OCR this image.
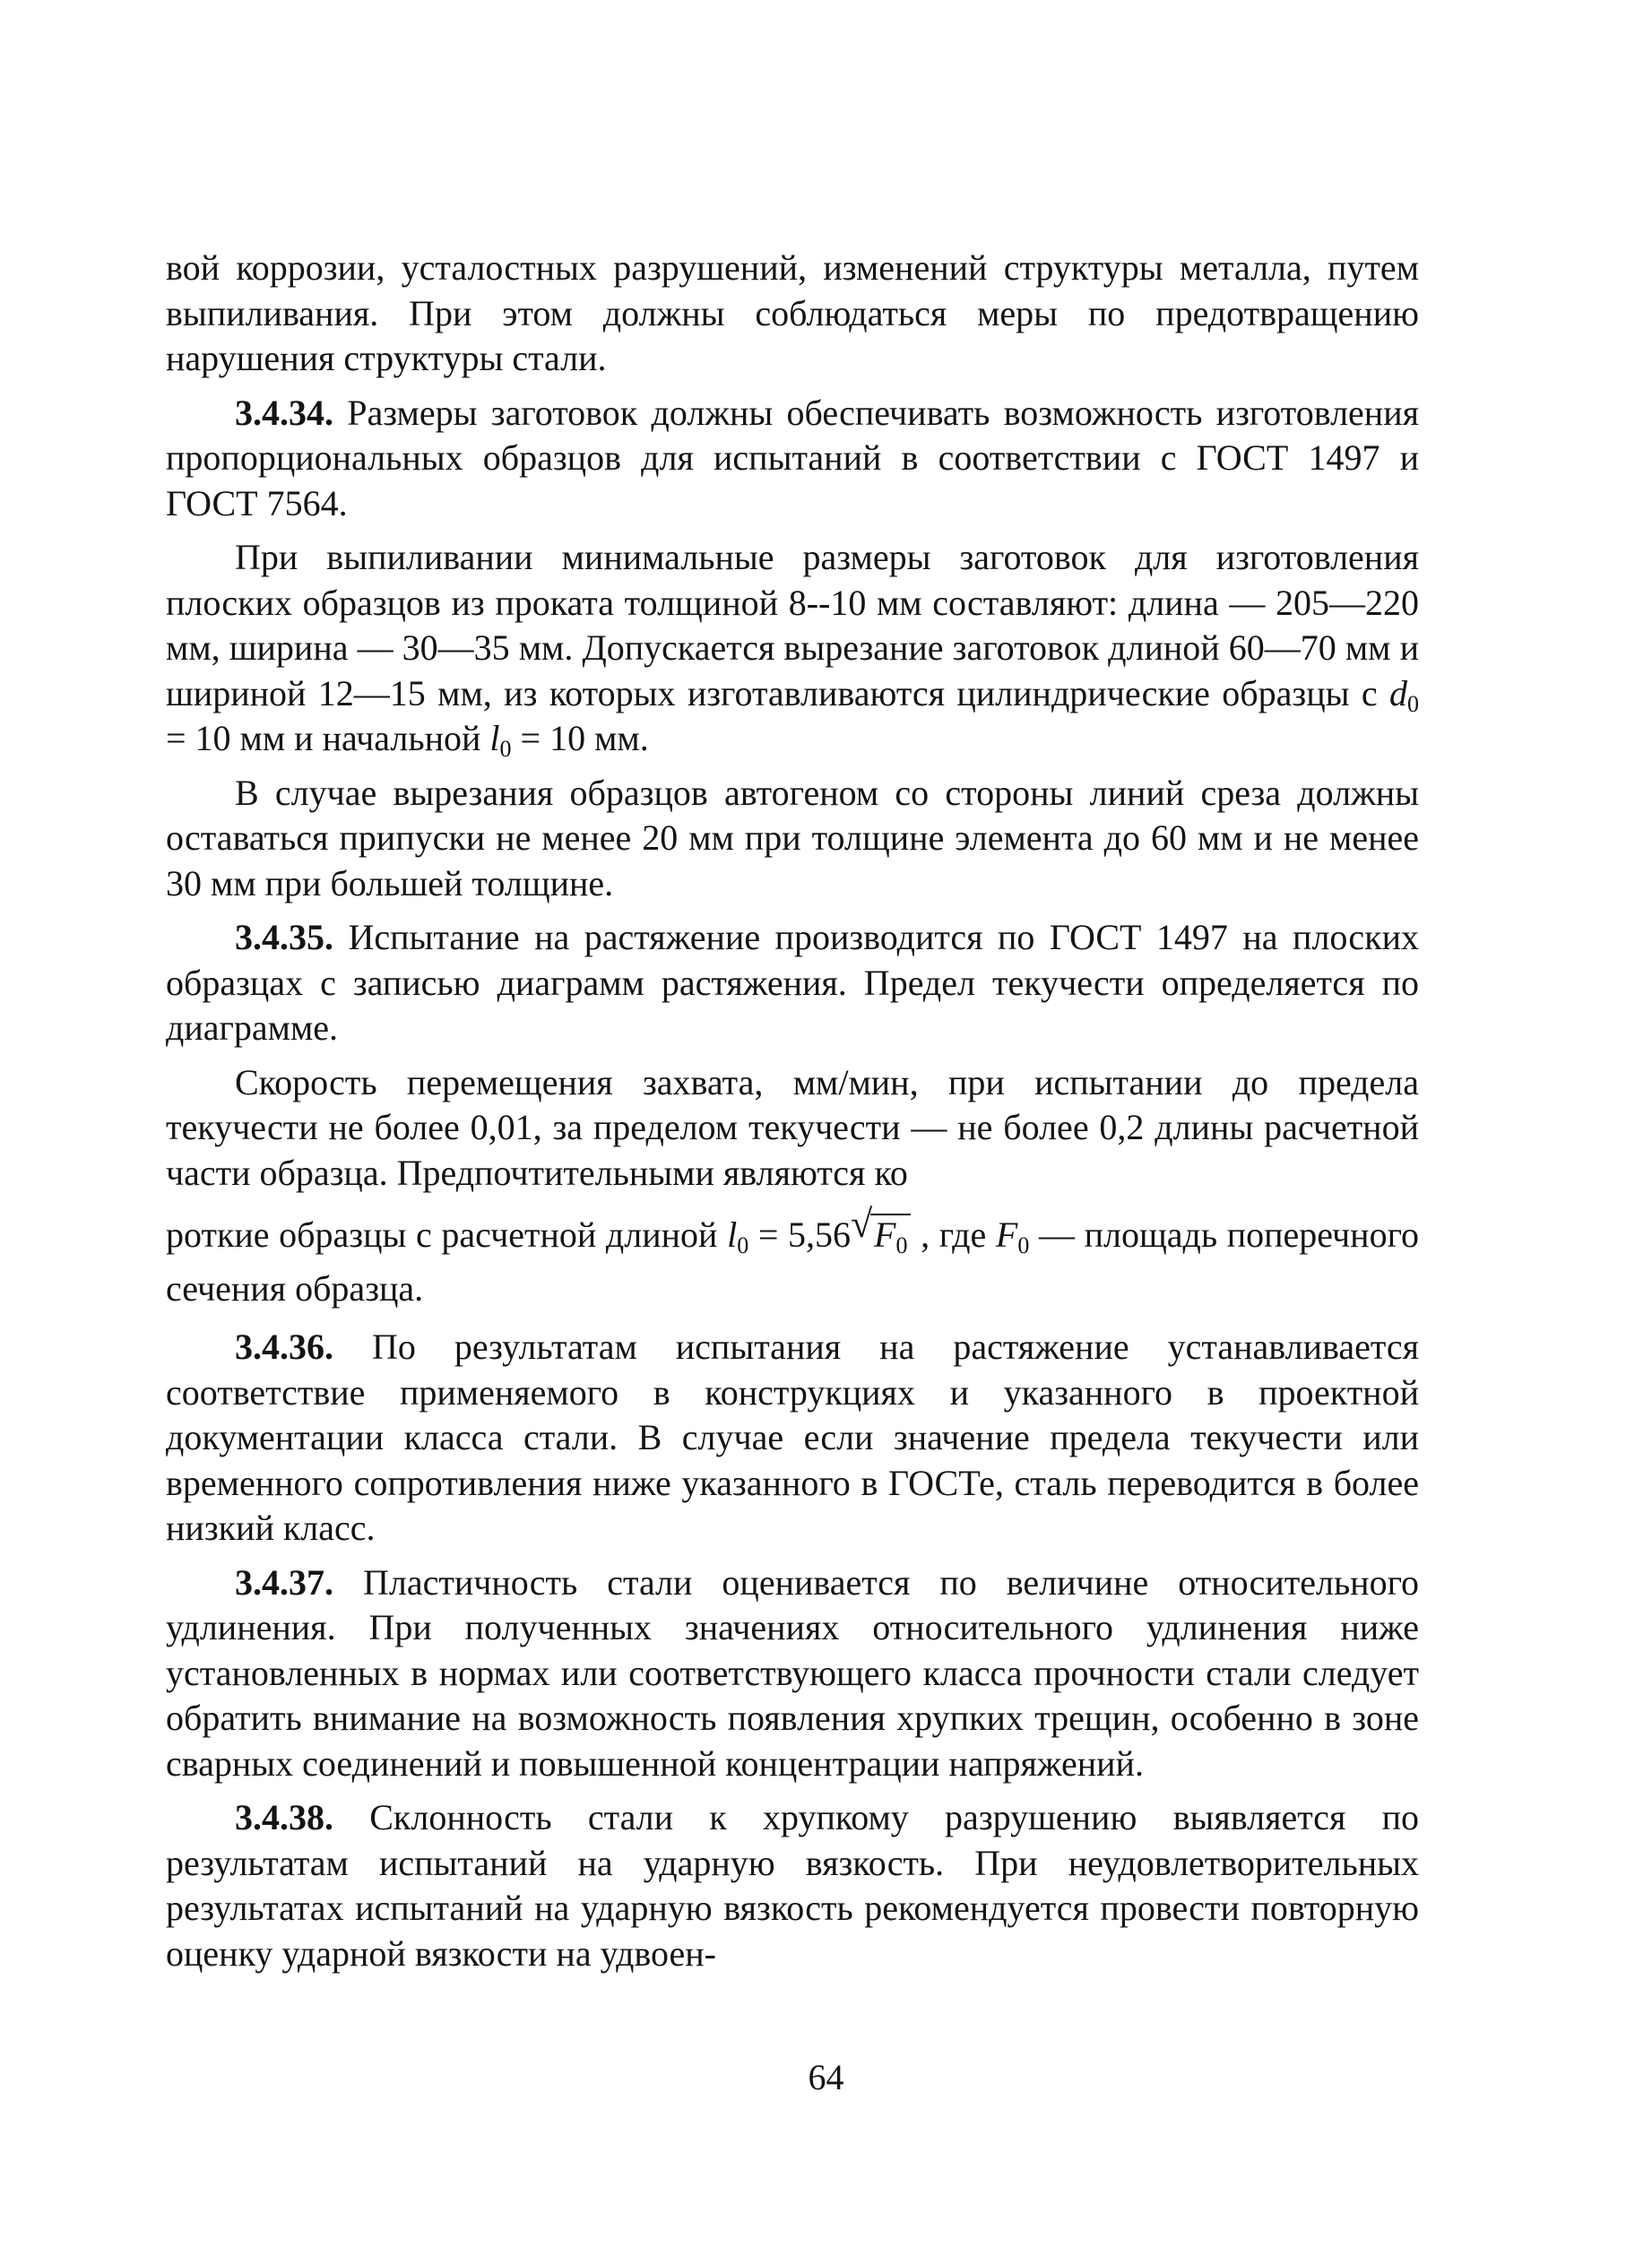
вой коррозии, усталостных разрушений, изменений структуры металла, путем выпиливания. При этом должны соблюдаться меры по предотвращению нарушения структуры стали.

3.4.34. Размеры заготовок должны обеспечивать возможность изготовления пропорциональных образцов для испытаний в соответствии с ГОСТ 1497 и ГОСТ 7564.

При выпиливании минимальные размеры заготовок для изготовления плоских образцов из проката толщиной 8--10 мм составляют: длина — 205—220 мм, ширина — 30—35 мм. Допускается вырезание заготовок длиной 60—70 мм и шириной 12—15 мм, из которых изготавливаются цилиндрические образцы с $d_0 = 10$ мм и начальной $l_0 = 10$ мм.

В случае вырезания образцов автогеном со стороны линий среза должны оставаться припуски не менее 20 мм при толщине элемента до 60 мм и не менее 30 мм при большей толщине.

3.4.35. Испытание на растяжение производится по ГОСТ 1497 на плоских образцах с записью диаграмм растяжения. Предел текучести определяется по диаграмме.

Скорость перемещения захвата, мм/мин, при испытании до предела текучести не более 0,01, за пределом текучести — не более 0,2 длины расчетной части образца. Предпочтительными являются ко

роткие образцы с расчетной длиной $l_0 = 5,56$ √ $F_0$ , где $F_0$ — площадь поперечного сечения образца.

3.4.36. По результатам испытания на растяжение устанавливается соответствие применяемого в конструкциях и указанного в проектной документации класса стали. В случае если значение предела текучести или временного сопротивления ниже указанного в ГОСТе, сталь переводится в более низкий класс.

3.4.37. Пластичность стали оценивается по величине относительного удлинения. При полученных значениях относительного удлинения ниже установленных в нормах или соответствующего класса прочности стали следует обратить внимание на возможность появления хрупких трещин, особенно в зоне сварных соединений и повышенной концентрации напряжений.

3.4.38. Склонность стали к хрупкому разрушению выявляется по результатам испытаний на ударную вязкость. При неудовлетворительных результатах испытаний на ударную вязкость рекомендуется провести повторную оценку ударной вязкости на удвоен-

64
